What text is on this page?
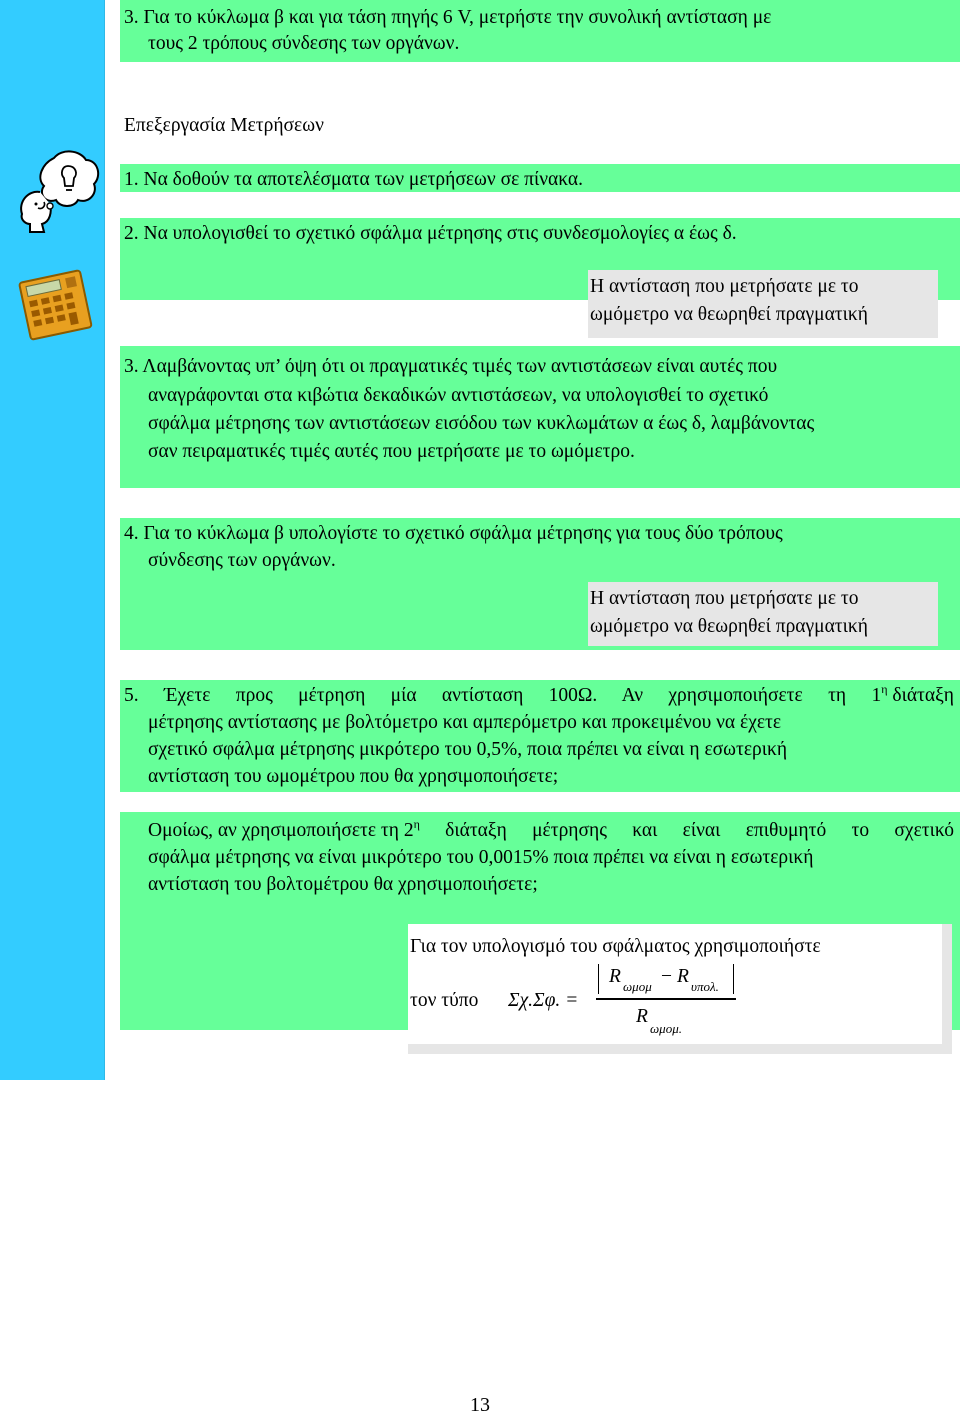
3. Για το κύκλωμα β και για τάση πηγής 6 V, μετρήστε την συνολική αντίσταση με
τους 2 τρόπους σύνδεσης των οργάνων.
Επεξεργασία Μετρήσεων
1. Να δοθούν τα αποτελέσματα των μετρήσεων σε πίνακα.
2. Να υπολογισθεί το σχετικό σφάλμα μέτρησης στις συνδεσμολογίες α έως δ.
Η αντίσταση που μετρήσατε με το
ωμόμετρο να θεωρηθεί πραγματική
3. Λαμβάνοντας υπ’ όψη ότι οι πραγματικές τιμές των αντιστάσεων είναι αυτές που
αναγράφονται στα κιβώτια δεκαδικών αντιστάσεων, να υπολογισθεί το σχετικό
σφάλμα μέτρησης των αντιστάσεων εισόδου των κυκλωμάτων α έως δ, λαμβάνοντας
σαν πειραματικές τιμές αυτές που μετρήσατε με το ωμόμετρο.
4. Για το κύκλωμα β υπολογίστε το σχετικό σφάλμα μέτρησης για τους δύο τρόπους
σύνδεσης των οργάνων.
Η αντίσταση που μετρήσατε με το
ωμόμετρο να θεωρηθεί πραγματική
5. Έχετε προς μέτρηση μία αντίσταση 100Ω. Αν χρησιμοποιήσετε τη 1 η διάταξη
μέτρησης αντίστασης με βολτόμετρο και αμπερόμετρο και προκειμένου να έχετε
σχετικό σφάλμα μέτρησης μικρότερο του 0,5%, ποια πρέπει να είναι η εσωτερική
αντίσταση του ωμομέτρου που θα χρησιμοποιήσετε;
Ομοίως, αν χρησιμοποιήσετε τη 2 η διάταξη μέτρησης και είναι επιθυμητό το σχετικό
σφάλμα μέτρησης να είναι μικρότερο του 0,0015% ποια πρέπει να είναι η εσωτερική
αντίσταση του βολτομέτρου θα χρησιμοποιήσετε;
Για τον υπολογισμό του σφάλματος χρησιμοποιήστε
τον τύπο Σχ.Σφ. =
R ωμομ − R υπολ.
R
ωμομ.
13
